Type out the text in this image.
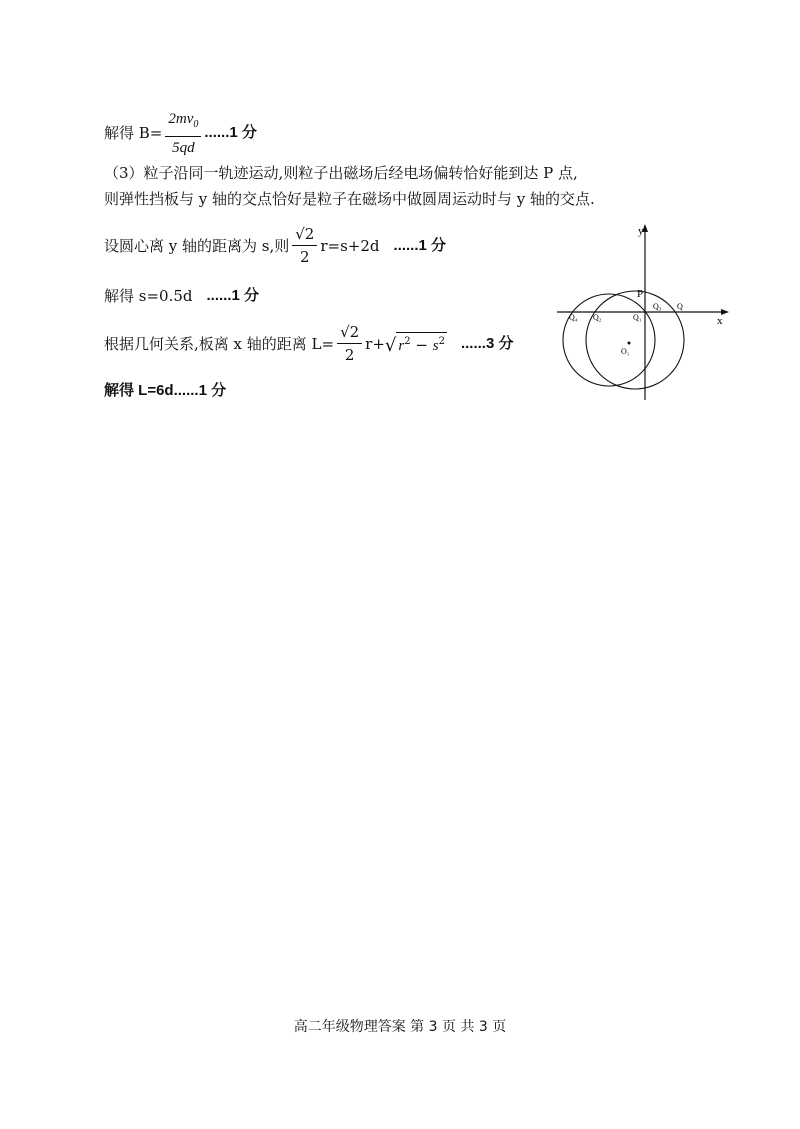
解得 $B= \frac{2mv_0}{5qd} ......1$ 分
（3）粒子沿同一轨迹运动,则粒子出磁场后经电场偏转恰好能到达 P 点,
则弹性挡板与 y 轴的交点恰好是粒子在磁场中做圆周运动时与 y 轴的交点.
设圆心离 y 轴的距离为 s,则 $\frac{√2}{2} r=s+2d$ ......1 分
解得 s=0.5d ......1 分
根据几何关系,板离 x 轴的距离 $L= \frac{√2}{2} r+$ √ $r^2 - s^2$ ......3 分
解得 L=6d......1 分
y
x
P
Q₄ Q₂	Q₁
Q₃ Q
O₁
高二年级物理答案 第 3 页 共 3 页
